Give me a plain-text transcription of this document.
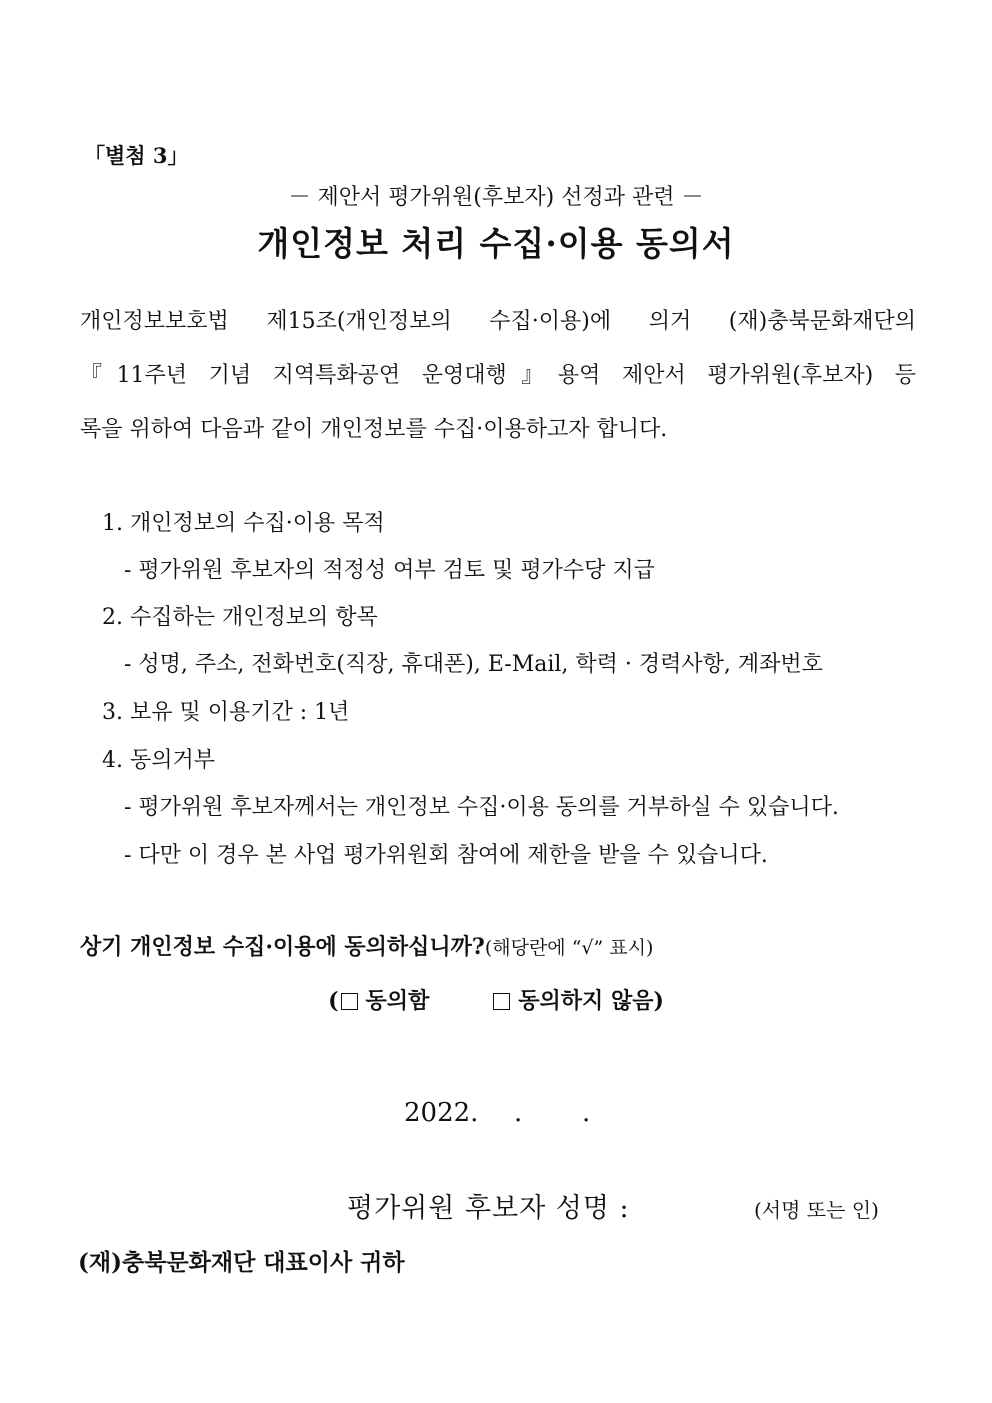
「별첨 3」
－ 제안서 평가위원(후보자) 선정과 관련 －
개인정보 처리 수집·이용 동의서
개인정보보호법 제15조(개인정보의 수집·이용)에 의거 (재)충북문화재단의
『11주년 기념 지역특화공연 운영대행』용역 제안서 평가위원(후보자) 등
록을 위하여 다음과 같이 개인정보를 수집·이용하고자 합니다.
1. 개인정보의 수집·이용 목적
- 평가위원 후보자의 적정성 여부 검토 및 평가수당 지급
2. 수집하는 개인정보의 항목
- 성명, 주소, 전화번호(직장, 휴대폰), E-Mail, 학력 · 경력사항, 계좌번호
3. 보유 및 이용기간 : 1년
4. 동의거부
- 평가위원 후보자께서는 개인정보 수집·이용 동의를 거부하실 수 있습니다.
- 다만 이 경우 본 사업 평가위원회 참여에 제한을 받을 수 있습니다.
상기 개인정보 수집·이용에 동의하십니까?(해당란에 “√” 표시)
( 동의함	동의하지 않음)
2022. . .
평가위원 후보자 성명 :	(서명 또는 인)
(재)충북문화재단 대표이사 귀하
